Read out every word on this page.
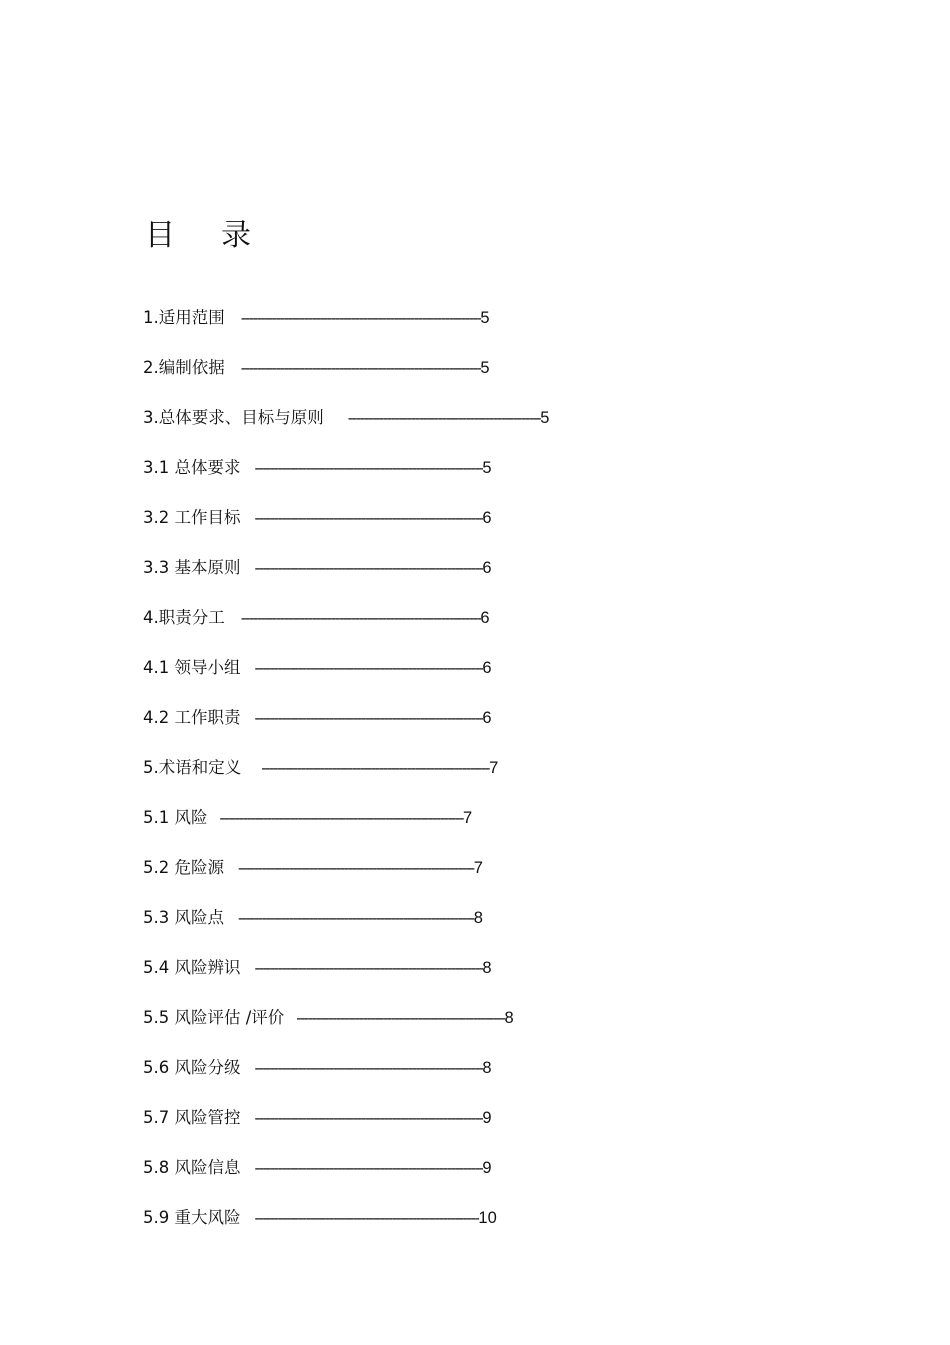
目 录
1.适用范围 ------------------------------------------------------------- 5
2.编制依据 ------------------------------------------------------------- 5
3.总体要求、目标与原则 ------------------------------------------------- 5
3.1 总体要求 ---------------------------------------------------------- 5
3.2 工作目标 ---------------------------------------------------------- 6
3.3 基本原则 ---------------------------------------------------------- 6
4.职责分工 ------------------------------------------------------------- 6
4.1 领导小组 ---------------------------------------------------------- 6
4.2 工作职责 ---------------------------------------------------------- 6
5.术语和定义 ---------------------------------------------------------- 7
5.1 风险 -------------------------------------------------------------- 7
5.2 危险源 ------------------------------------------------------------ 7
5.3 风险点 ------------------------------------------------------------ 8
5.4 风险辨识 ---------------------------------------------------------- 8
5.5 风险评估 /评价 ----------------------------------------------------- 8
5.6 风险分级 ---------------------------------------------------------- 8
5.7 风险管控 ---------------------------------------------------------- 9
5.8 风险信息 ---------------------------------------------------------- 9
5.9 重大风险 --------------------------------------------------------- 10
